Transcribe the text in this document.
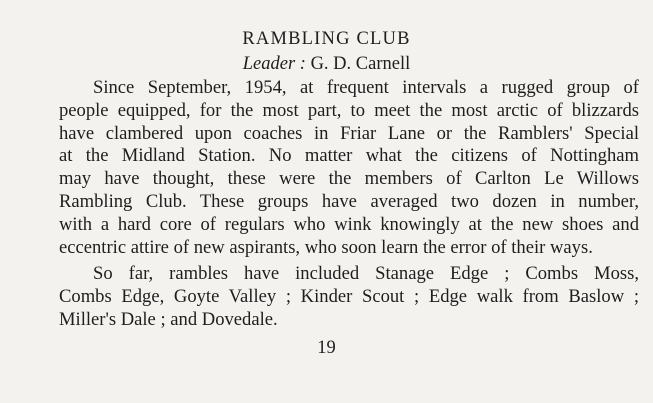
RAMBLING CLUB
Leader : G. D. Carnell

Since September, 1954, at frequent intervals a rugged group of
people equipped, for the most part, to meet the most arctic of blizzards
have clambered upon coaches in Friar Lane or the Ramblers' Special
at the Midland Station. No matter what the citizens of Nottingham
may have thought, these were the members of Carlton Le Willows
Rambling Club. These groups have averaged two dozen in number,
with a hard core of regulars who wink knowingly at the new shoes and
eccentric attire of new aspirants, who soon learn the error of their ways.

So far, rambles have included Stanage Edge ; Combs Moss,
Combs Edge, Goyte Valley ; Kinder Scout ; Edge walk from Baslow ;
Miller's Dale ; and Dovedale.

19
